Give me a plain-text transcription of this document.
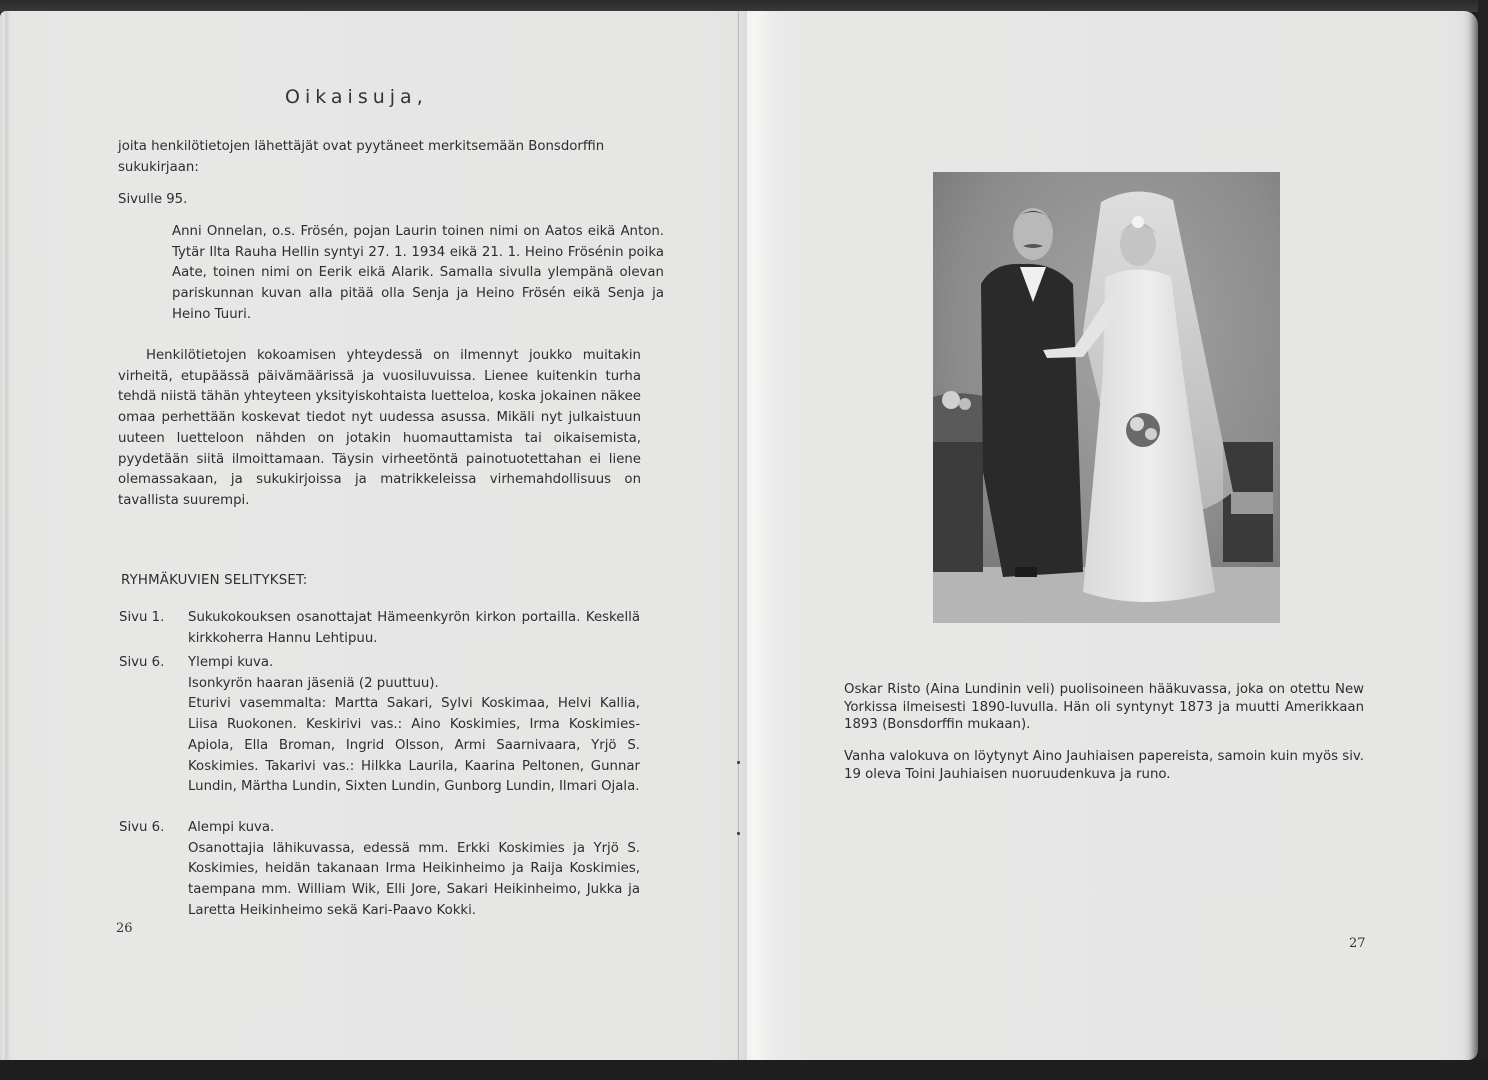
Oikaisuja,

joita henkilötietojen lähettäjät ovat pyytäneet merkitsemään Bonsdorffin sukukirjaan:

Sivulle 95.

Anni Onnelan, o.s. Frösén, pojan Laurin toinen nimi on Aatos eikä Anton. Tytär Ilta Rauha Hellin syntyi 27. 1. 1934 eikä 21. 1. Heino Frösénin poika Aate, toinen nimi on Eerik eikä Alarik. Samalla sivulla ylempänä olevan pariskunnan kuvan alla pitää olla Senja ja Heino Frösén eikä Senja ja Heino Tuuri.

Henkilötietojen kokoamisen yhteydessä on ilmennyt joukko muitakin virheitä, etupäässä päivämäärissä ja vuosiluvuissa. Lienee kuitenkin turha tehdä niistä tähän yhteyteen yksityiskohtaista luetteloa, koska jokainen näkee omaa perhettään koskevat tiedot nyt uudessa asussa. Mikäli nyt julkaistuun uuteen luetteloon nähden on jotakin huomauttamista tai oikaisemista, pyydetään siitä ilmoittamaan. Täysin virheetöntä painotuotettahan ei liene olemassakaan, ja sukukirjoissa ja matrikkeleissa virhemahdollisuus on tavallista suurempi.

RYHMÄKUVIEN SELITYKSET:

Sivu 1. Sukukokouksen osanottajat Hämeenkyrön kirkon portailla. Keskellä kirkkoherra Hannu Lehtipuu.
Sivu 6. Ylempi kuva.
Isonkyrön haaran jäseniä (2 puuttuu).
Eturivi vasemmalta: Martta Sakari, Sylvi Koskimaa, Helvi Kallia, Liisa Ruokonen. Keskirivi vas.: Aino Koskimies, Irma Koskimies-Apiola, Ella Broman, Ingrid Olsson, Armi Saarnivaara, Yrjö S. Koskimies. Takarivi vas.: Hilkka Laurila, Kaarina Peltonen, Gunnar Lundin, Märtha Lundin, Sixten Lundin, Gunborg Lundin, Ilmari Ojala.
Sivu 6. Alempi kuva.
Osanottajia lähikuvassa, edessä mm. Erkki Koskimies ja Yrjö S. Koskimies, heidän takanaan Irma Heikinheimo ja Raija Koskimies, taempana mm. William Wik, Elli Jore, Sakari Heikinheimo, Jukka ja Laretta Heikinheimo sekä Kari-Paavo Kokki.
26

Oskar Risto (Aina Lundinin veli) puolisoineen hääkuvassa, joka on otettu New Yorkissa ilmeisesti 1890-luvulla. Hän oli syntynyt 1873 ja muutti Amerikkaan 1893 (Bonsdorffin mukaan).

Vanha valokuva on löytynyt Aino Jauhiaisen papereista, samoin kuin myös siv. 19 oleva Toini Jauhiaisen nuoruudenkuva ja runo.

27
